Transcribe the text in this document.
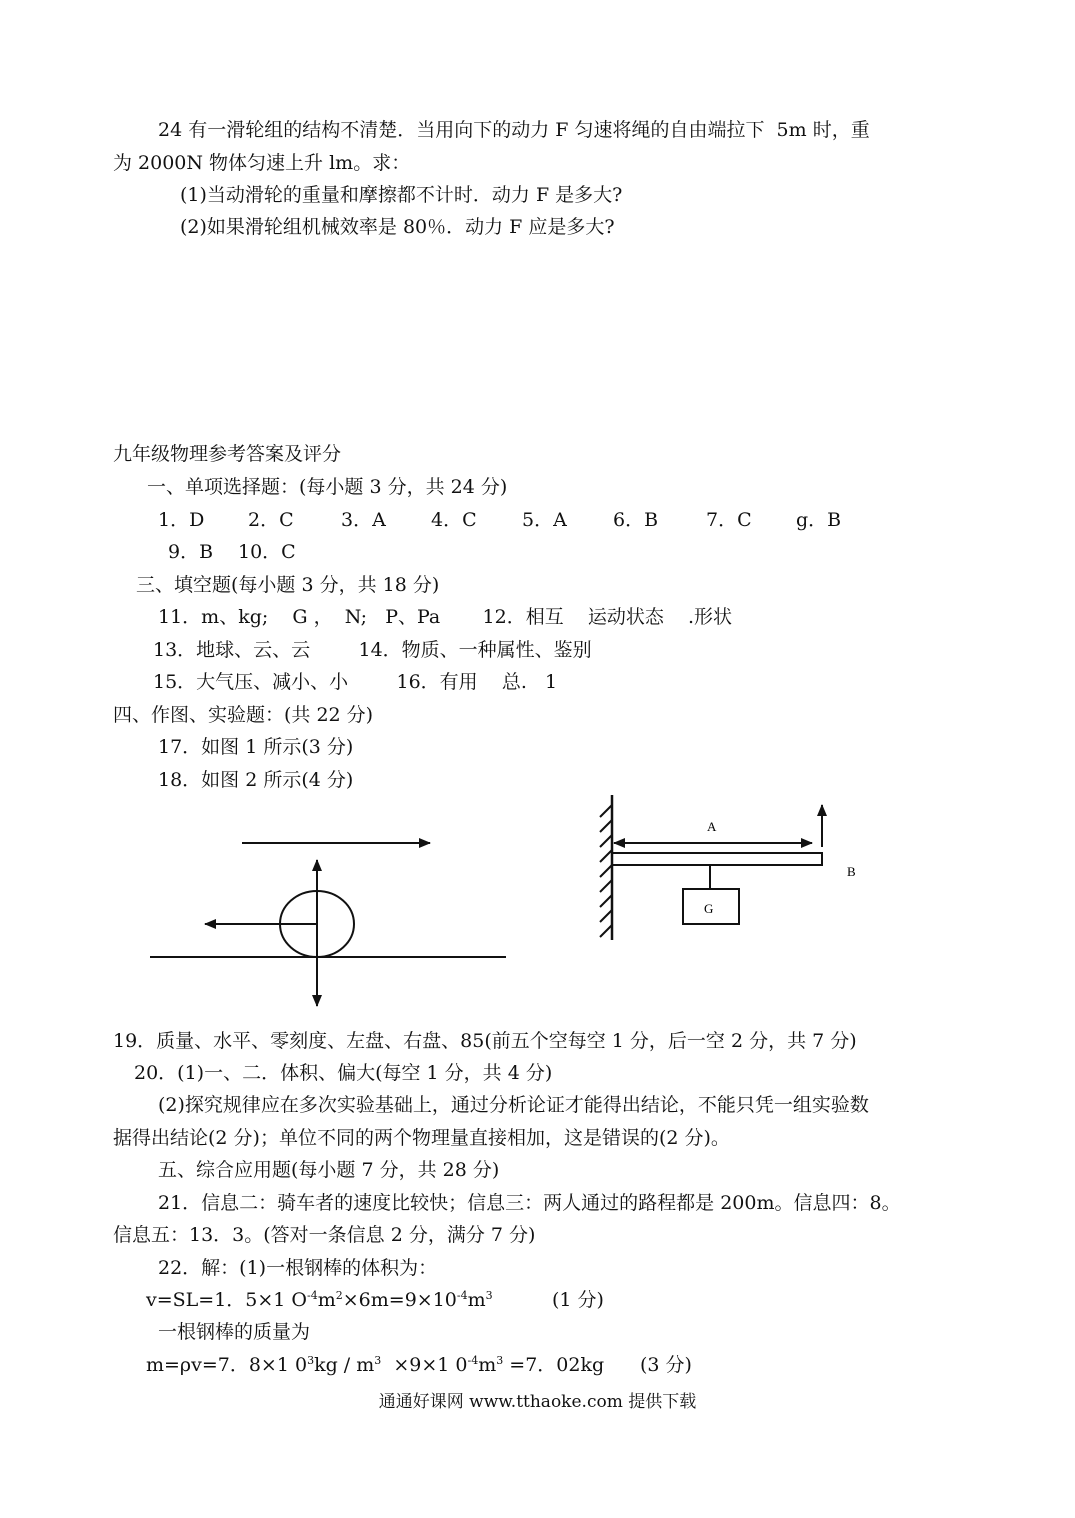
24 有一滑轮组的结构不清楚．当用向下的动力 F 匀速将绳的自由端拉下  5m 时，重
为 2000N 物体匀速上升 lm。求：
(1)当动滑轮的重量和摩擦都不计时．动力 F 是多大?
(2)如果滑轮组机械效率是 80％．动力 F 应是多大?
九年级物理参考答案及评分
一、单项选择题：(每小题 3 分，共 24 分)
1．D 2．C 3．A 4．C 5．A 6．B	7．C g．B
9．B 10．C
三、填空题(每小题 3 分，共 18 分)
11．m、kg;    G ，  N;   P、Pa       12．相互    运动状态    .形状
13．地球、云、云        14．物质、一种属性、鉴别
15．大气压、减小、小        16．有用    总.   1
四、作图、实验题：(共 22 分)
17．如图 1 所示(3 分)
18．如图 2 所示(4 分)
A
B
G
19．质量、水平、零刻度、左盘、右盘、85(前五个空每空 1 分，后一空 2 分，共 7 分)
20．(1)一、二．体积、偏大(每空 1 分，共 4 分)
(2)探究规律应在多次实验基础上，通过分析论证才能得出结论，不能只凭一组实验数
据得出结论(2 分)；单位不同的两个物理量直接相加，这是错误的(2 分)。
五、综合应用题(每小题 7 分，共 28 分)
21．信息二：骑车者的速度比较快；信息三：两人通过的路程都是 200m。信息四：8。
信息五：13．3。(答对一条信息 2 分，满分 7 分)
22．解：(1)一根钢棒的体积为：
v=SL=1．5×1 $O^{-4}m^2\times 6m=9\times 10^{-4}m^3$	(1 分)
一根钢棒的质量为
m=ρv=7．8×1 $0^3kg / m^3 \times 9\times 1$ $0^{-4}m^3 =7$．02kg (3 分)
通通好课网 www.tthaoke.com 提供下载
